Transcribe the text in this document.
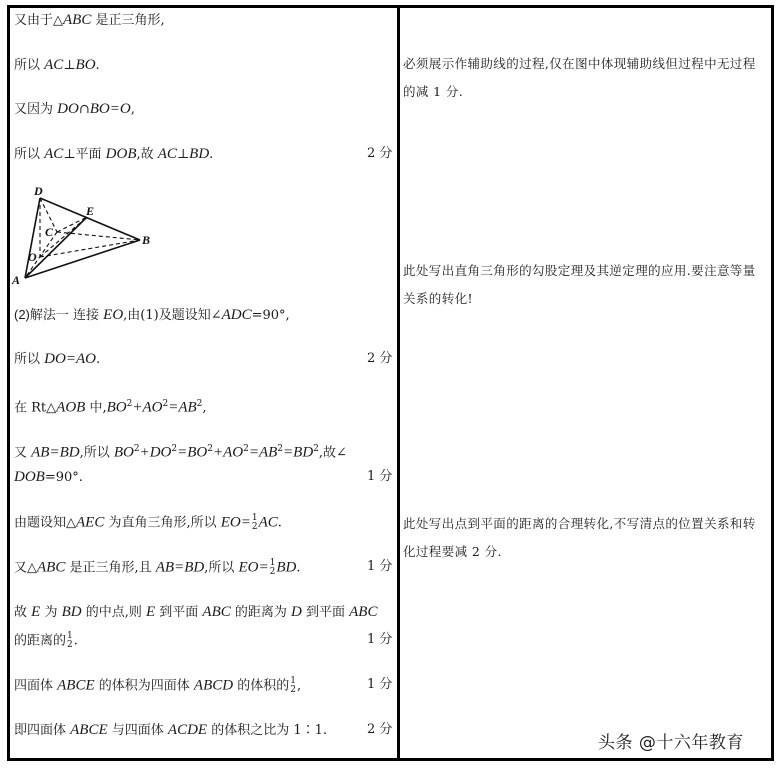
又由于△ABC 是正三角形,
所以 AC⊥BO.
又因为 DO∩BO=O,
所以 AC⊥平面 DOB,故 AC⊥BD.	2 分
D
E
C
B
O
A
(2)解法一 连接 EO,由(1)及题设知∠ADC=90°,
所以 DO=AO.	2 分
在 Rt△AOB 中$,BO^2+AO^2=AB^2$,
又 AB=BD,所以 $BO^2+DO^2=BO^2+AO^2=AB^2=BD^2$,故∠
DOB=90°.	1 分
由题设知△AEC 为直角三角形,所以 EO= 1
2 AC.
又△ABC 是正三角形,且 AB=BD,所以 EO= 1
2 BD.	1 分
故 E 为 BD 的中点,则 E 到平面 ABC 的距离为 D 到平面 ABC
的距离的 1
2 .	1 分
四面体 ABCE 的体积为四面体 ABCD 的体积的 1
2 ,	1 分
即四面体 ABCE 与四面体 ACDE 的体积之比为 1∶1.	2 分
必须展示作辅助线的过程,仅在图中体现辅助线但过程中无过程的减 1 分.
此处写出直角三角形的勾股定理及其逆定理的应用.要注意等量关系的转化!
此处写出点到平面的距离的合理转化,不写清点的位置关系和转化过程要减 2 分.
头条 @十六年教育
